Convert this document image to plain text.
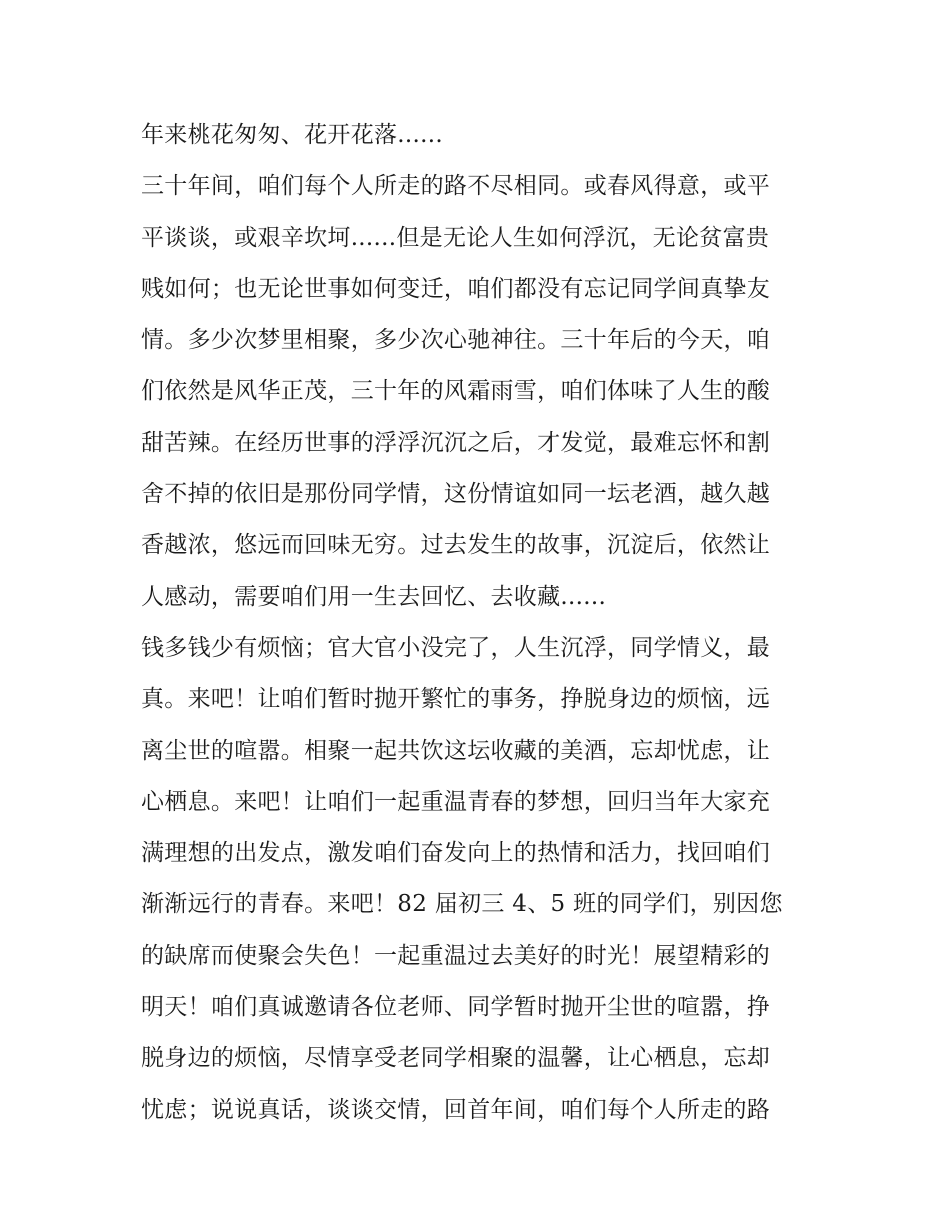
年来桃花匆匆、花开花落......
三十年间，咱们每个人所走的路不尽相同。或春风得意，或平
平谈谈，或艰辛坎坷......但是无论人生如何浮沉，无论贫富贵
贱如何；也无论世事如何变迁，咱们都没有忘记同学间真挚友
情。多少次梦里相聚，多少次心驰神往。三十年后的今天，咱
们依然是风华正茂，三十年的风霜雨雪，咱们体味了人生的酸
甜苦辣。在经历世事的浮浮沉沉之后，才发觉，最难忘怀和割
舍不掉的依旧是那份同学情，这份情谊如同一坛老酒，越久越
香越浓，悠远而回味无穷。过去发生的故事，沉淀后，依然让
人感动，需要咱们用一生去回忆、去收藏......
钱多钱少有烦恼；官大官小没完了，人生沉浮，同学情义，最
真。来吧！让咱们暂时抛开繁忙的事务，挣脱身边的烦恼，远
离尘世的喧嚣。相聚一起共饮这坛收藏的美酒，忘却忧虑，让
心栖息。来吧！让咱们一起重温青春的梦想，回归当年大家充
满理想的出发点，激发咱们奋发向上的热情和活力，找回咱们
渐渐远行的青春。来吧！82 届初三 4、5 班的同学们，别因您
的缺席而使聚会失色！一起重温过去美好的时光！展望精彩的
明天！咱们真诚邀请各位老师、同学暂时抛开尘世的喧嚣，挣
脱身边的烦恼，尽情享受老同学相聚的温馨，让心栖息，忘却
忧虑；说说真话，谈谈交情，回首年间，咱们每个人所走的路
